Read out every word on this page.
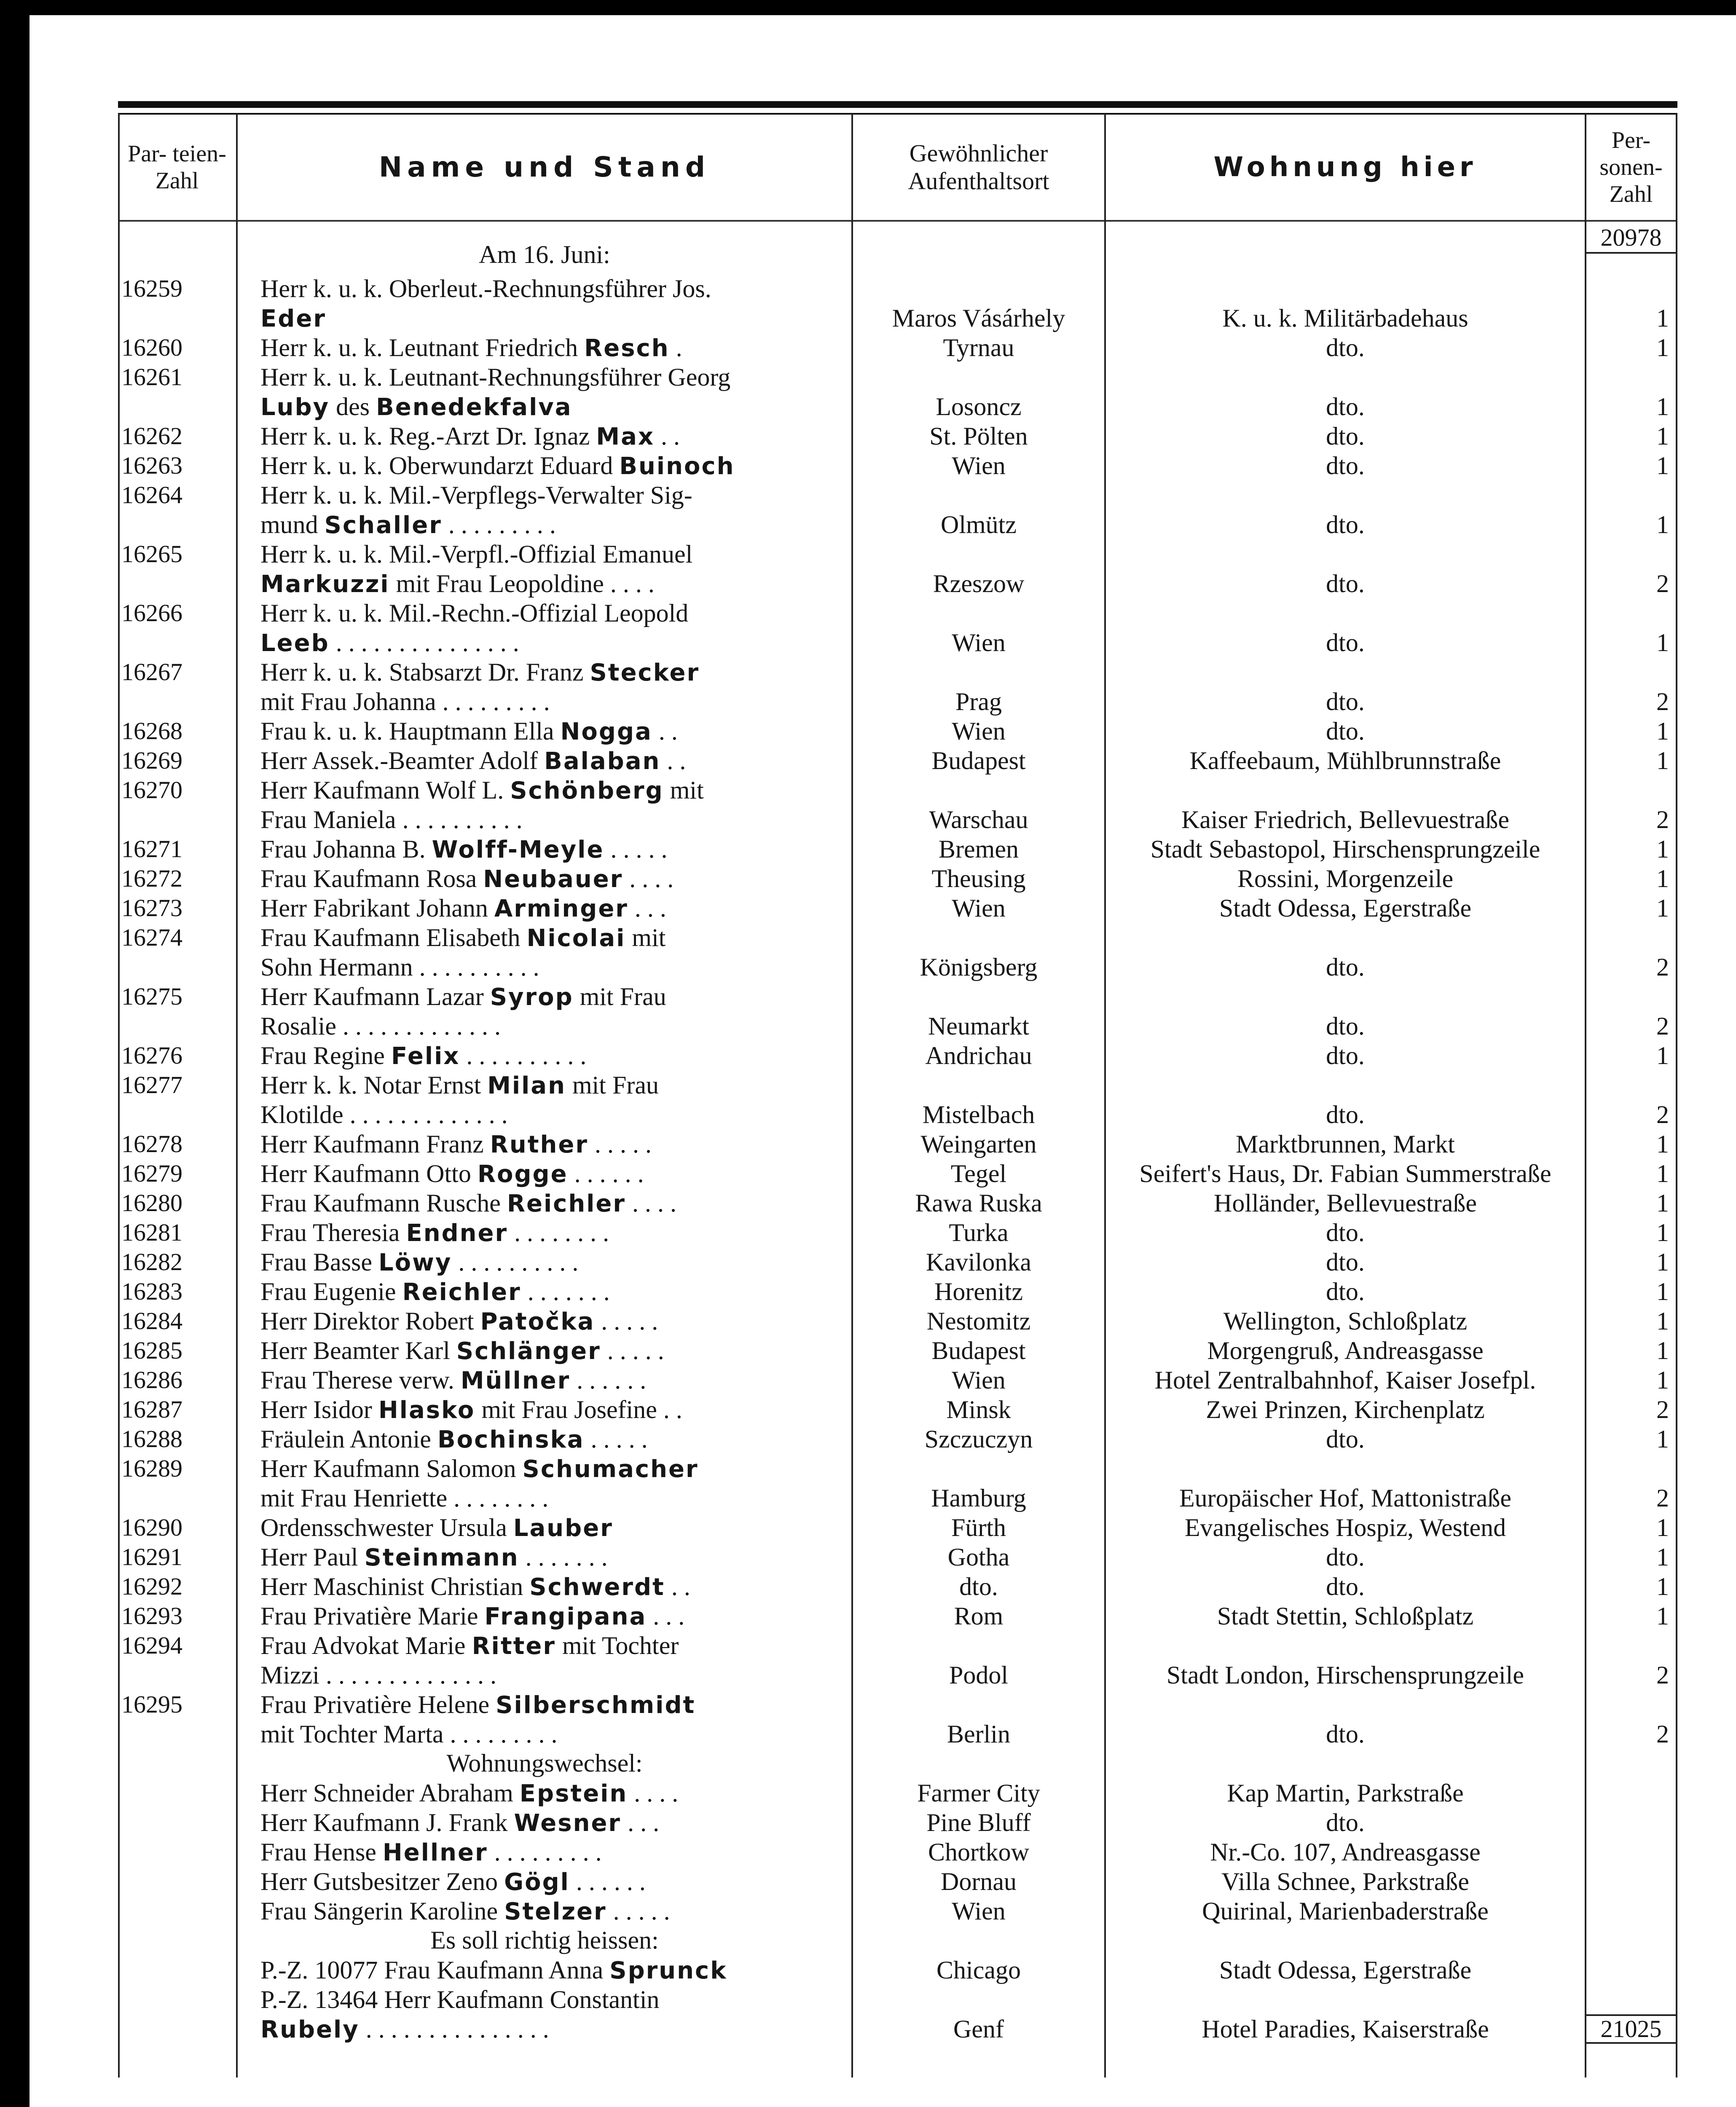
Par- teien- Zahl	Name und Stand	Gewöhnlicher Aufenthaltsort	Wohnung hier
Per- sonen- Zahl
20978
Am 16. Juni:
16259	Herr k. u. k. Oberleut.-Rechnungsführer Jos.
Eder	Maros Vásárhely	K. u. k. Militärbadehaus	1
16260	Herr k. u. k. Leutnant Friedrich Resch .	Tyrnau	dto.	1
16261	Herr k. u. k. Leutnant-Rechnungsführer Georg
Luby des Benedekfalva	Losoncz	dto.	1
16262	Herr k. u. k. Reg.-Arzt Dr. Ignaz Max . .	St. Pölten	dto.	1
16263	Herr k. u. k. Oberwundarzt Eduard Buinoch	Wien	dto.	1
16264	Herr k. u. k. Mil.-Verpflegs-Verwalter Sig-
mund Schaller . . . . . . . . .	Olmütz	dto.	1
16265	Herr k. u. k. Mil.-Verpfl.-Offizial Emanuel
Markuzzi mit Frau Leopoldine . . . .	Rzeszow	dto.	2
16266	Herr k. u. k. Mil.-Rechn.-Offizial Leopold
Leeb . . . . . . . . . . . . . . .	Wien	dto.	1
16267	Herr k. u. k. Stabsarzt Dr. Franz Stecker
mit Frau Johanna . . . . . . . . .	Prag	dto.	2
16268	Frau k. u. k. Hauptmann Ella Nogga . .	Wien	dto.	1
16269	Herr Assek.-Beamter Adolf Balaban . .	Budapest	Kaffeebaum, Mühlbrunnstraße	1
16270	Herr Kaufmann Wolf L. Schönberg mit
Frau Maniela . . . . . . . . . .	Warschau	Kaiser Friedrich, Bellevuestraße	2
16271	Frau Johanna B. Wolff-Meyle . . . . .	Bremen	Stadt Sebastopol, Hirschensprungzeile	1
16272	Frau Kaufmann Rosa Neubauer . . . .	Theusing	Rossini, Morgenzeile	1
16273	Herr Fabrikant Johann Arminger . . .	Wien	Stadt Odessa, Egerstraße	1
16274	Frau Kaufmann Elisabeth Nicolai mit
Sohn Hermann . . . . . . . . . .	Königsberg	dto.	2
16275	Herr Kaufmann Lazar Syrop mit Frau
Rosalie . . . . . . . . . . . . .	Neumarkt	dto.	2
16276	Frau Regine Felix . . . . . . . . . .	Andrichau	dto.	1
16277	Herr k. k. Notar Ernst Milan mit Frau
Klotilde . . . . . . . . . . . . .	Mistelbach	dto.	2
16278	Herr Kaufmann Franz Ruther . . . . .	Weingarten	Marktbrunnen, Markt	1
16279	Herr Kaufmann Otto Rogge . . . . . .	Tegel	Seifert's Haus, Dr. Fabian Summerstraße	1
16280	Frau Kaufmann Rusche Reichler . . . .	Rawa Ruska	Holländer, Bellevuestraße	1
16281	Frau Theresia Endner . . . . . . . .	Turka	dto.	1
16282	Frau Basse Löwy . . . . . . . . . .	Kavilonka	dto.	1
16283	Frau Eugenie Reichler . . . . . . .	Horenitz	dto.	1
16284	Herr Direktor Robert Patočka . . . . .	Nestomitz	Wellington, Schloßplatz	1
16285	Herr Beamter Karl Schlänger . . . . .	Budapest	Morgengruß, Andreasgasse	1
16286	Frau Therese verw. Müllner . . . . . .	Wien	Hotel Zentralbahnhof, Kaiser Josefpl.	1
16287	Herr Isidor Hlasko mit Frau Josefine . .	Minsk	Zwei Prinzen, Kirchenplatz	2
16288	Fräulein Antonie Bochinska . . . . .	Szczuczyn	dto.	1
16289	Herr Kaufmann Salomon Schumacher
mit Frau Henriette . . . . . . . .	Hamburg	Europäischer Hof, Mattonistraße	2
16290	Ordensschwester Ursula Lauber	Fürth	Evangelisches Hospiz, Westend	1
16291	Herr Paul Steinmann . . . . . . .	Gotha	dto.	1
16292	Herr Maschinist Christian Schwerdt . .	dto.	dto.	1
16293	Frau Privatière Marie Frangipana . . .	Rom	Stadt Stettin, Schloßplatz	1
16294	Frau Advokat Marie Ritter mit Tochter
Mizzi . . . . . . . . . . . . . .	Podol	Stadt London, Hirschensprungzeile	2
16295	Frau Privatière Helene Silberschmidt
mit Tochter Marta . . . . . . . . .	Berlin	dto.	2
Wohnungswechsel:
Herr Schneider Abraham Epstein . . . .	Farmer City	Kap Martin, Parkstraße
Herr Kaufmann J. Frank Wesner . . .	Pine Bluff	dto.
Frau Hense Hellner . . . . . . . . .	Chortkow	Nr.-Co. 107, Andreasgasse
Herr Gutsbesitzer Zeno Gögl . . . . . .	Dornau	Villa Schnee, Parkstraße
Frau Sängerin Karoline Stelzer . . . . .	Wien	Quirinal, Marienbaderstraße
Es soll richtig heissen:
P.-Z. 10077 Frau Kaufmann Anna Sprunck	Chicago	Stadt Odessa, Egerstraße
P.-Z. 13464 Herr Kaufmann Constantin
Rubely . . . . . . . . . . . . . . .	Genf	Hotel Paradies, Kaiserstraße	21025
